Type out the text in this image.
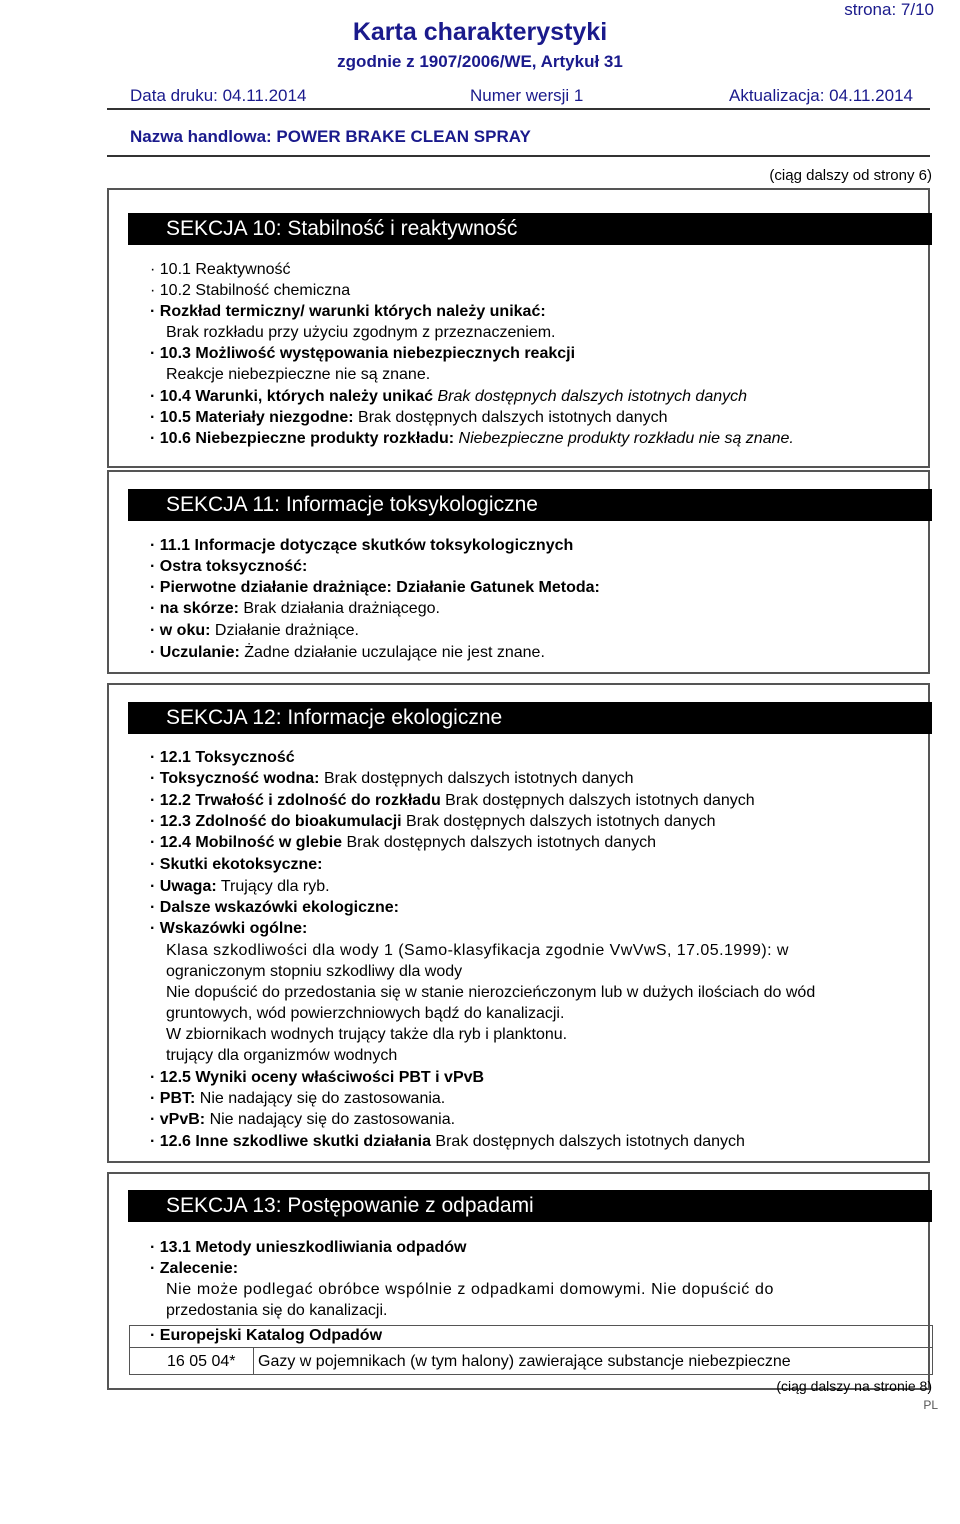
strona: 7/10
Karta charakterystyki
zgodnie z 1907/2006/WE, Artykuł 31
Data druku: 04.11.2014	Numer wersji 1	Aktualizacja: 04.11.2014
Nazwa handlowa: POWER BRAKE CLEAN SPRAY
(ciąg dalszy od strony 6)
SEKCJA 10: Stabilność i reaktywność
· 10.1 Reaktywność
· 10.2 Stabilność chemiczna
· Rozkład termiczny/ warunki których należy unikać:
Brak rozkładu przy użyciu zgodnym z przeznaczeniem.
· 10.3 Możliwość występowania niebezpiecznych reakcji
Reakcje niebezpieczne nie są znane.
· 10.4 Warunki, których należy unikać Brak dostępnych dalszych istotnych danych
· 10.5 Materiały niezgodne: Brak dostępnych dalszych istotnych danych
· 10.6 Niebezpieczne produkty rozkładu: Niebezpieczne produkty rozkładu nie są znane.
SEKCJA 11: Informacje toksykologiczne
· 11.1 Informacje dotyczące skutków toksykologicznych
· Ostra toksyczność:
· Pierwotne działanie drażniące: Działanie Gatunek Metoda:
· na skórze: Brak działania drażniącego.
· w oku: Działanie drażniące.
· Uczulanie: Żadne działanie uczulające nie jest znane.
SEKCJA 12: Informacje ekologiczne
· 12.1 Toksyczność
· Toksyczność wodna: Brak dostępnych dalszych istotnych danych
· 12.2 Trwałość i zdolność do rozkładu Brak dostępnych dalszych istotnych danych
· 12.3 Zdolność do bioakumulacji Brak dostępnych dalszych istotnych danych
· 12.4 Mobilność w glebie Brak dostępnych dalszych istotnych danych
· Skutki ekotoksyczne:
· Uwaga: Trujący dla ryb.
· Dalsze wskazówki ekologiczne:
· Wskazówki ogólne:
Klasa szkodliwości dla wody 1 (Samo-klasyfikacja zgodnie VwVwS, 17.05.1999): w
ograniczonym stopniu szkodliwy dla wody
Nie dopuścić do przedostania się w stanie nierozcieńczonym lub w dużych ilościach do wód
gruntowych, wód powierzchniowych bądź do kanalizacji.
W zbiornikach wodnych trujący także dla ryb i planktonu.
trujący dla organizmów wodnych
· 12.5 Wyniki oceny właściwości PBT i vPvB
· PBT: Nie nadający się do zastosowania.
· vPvB: Nie nadający się do zastosowania.
· 12.6 Inne szkodliwe skutki działania Brak dostępnych dalszych istotnych danych
SEKCJA 13: Postępowanie z odpadami
· 13.1 Metody unieszkodliwiania odpadów
· Zalecenie:
Nie może podlegać obróbce wspólnie z odpadkami domowymi. Nie dopuścić do
przedostania się do kanalizacji.
· Europejski Katalog Odpadów
16 05 04* Gazy w pojemnikach (w tym halony) zawierające substancje niebezpieczne
(ciąg dalszy na stronie 8)
PL
